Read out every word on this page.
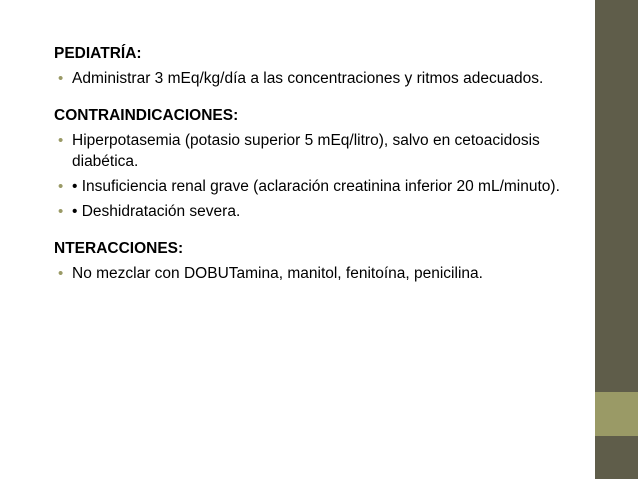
PEDIATRÍA:
• Administrar 3 mEq/kg/día a las concentraciones y ritmos adecuados.
CONTRAINDICACIONES:
• Hiperpotasemia (potasio superior 5 mEq/litro), salvo en cetoacidosis diabética.
• • Insuficiencia renal grave (aclaración creatinina inferior 20 mL/minuto).
• • Deshidratación severa.
NTERACCIONES:
• No mezclar con DOBUTamina, manitol, fenitoína, penicilina.
